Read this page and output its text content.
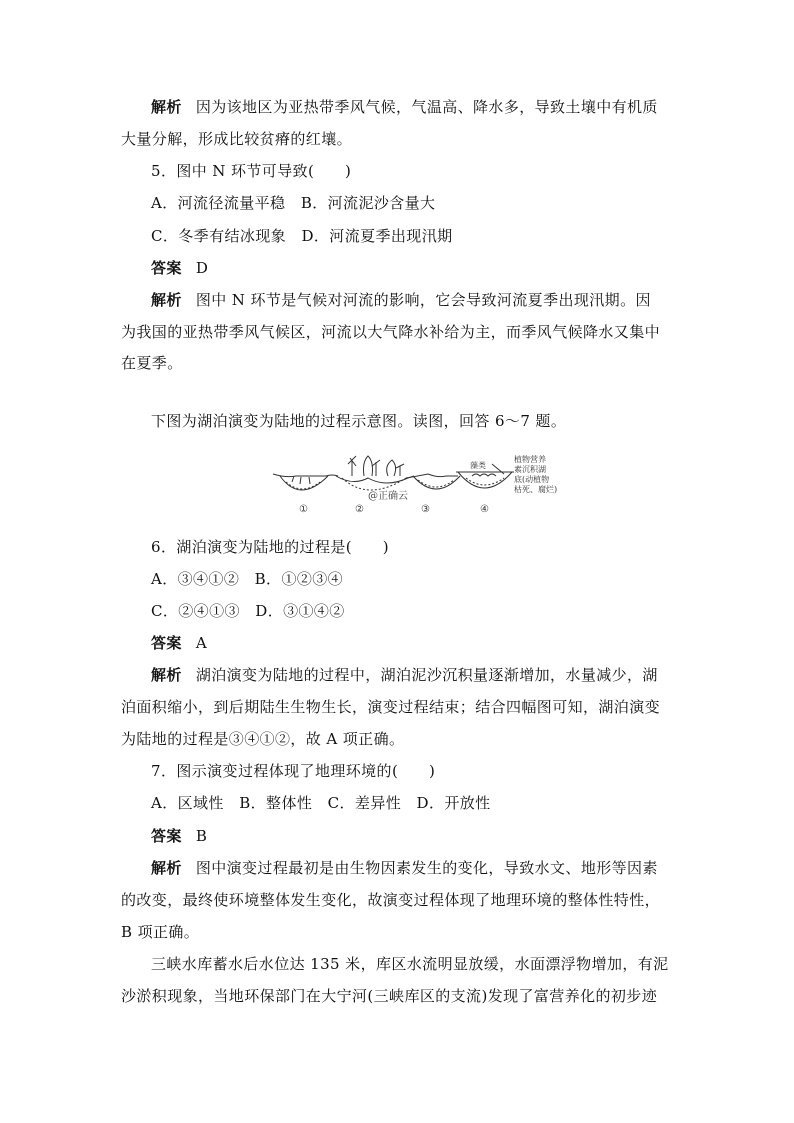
解析 因为该地区为亚热带季风气候，气温高、降水多，导致土壤中有机质
大量分解，形成比较贫瘠的红壤。
5．图中 N 环节可导致(　　)
A．河流径流量平稳　B．河流泥沙含量大
C．冬季有结冰现象　D．河流夏季出现汛期
答案 D
解析 图中 N 环节是气候对河流的影响，它会导致河流夏季出现汛期。因
为我国的亚热带季风气候区，河流以大气降水补给为主，而季风气候降水又集中
在夏季。
下图为湖泊演变为陆地的过程示意图。读图，回答 6～7 题。
藻类
植物营养
素沉积湖
底(动植物
枯死、腐烂)
@正确云
①	②	③	④
6．湖泊演变为陆地的过程是(　　)
A．③④①②　B．①②③④
C．②④①③　D．③①④②
答案 A
解析 湖泊演变为陆地的过程中，湖泊泥沙沉积量逐渐增加，水量减少，湖
泊面积缩小，到后期陆生生物生长，演变过程结束；结合四幅图可知，湖泊演变
为陆地的过程是③④①②，故 A 项正确。
7．图示演变过程体现了地理环境的(　　)
A．区域性　B．整体性　C．差异性　D．开放性
答案 B
解析 图中演变过程最初是由生物因素发生的变化，导致水文、地形等因素
的改变，最终使环境整体发生变化，故演变过程体现了地理环境的整体性特性，
B 项正确。
三峡水库蓄水后水位达 135 米，库区水流明显放缓，水面漂浮物增加，有泥
沙淤积现象，当地环保部门在大宁河(三峡库区的支流)发现了富营养化的初步迹
